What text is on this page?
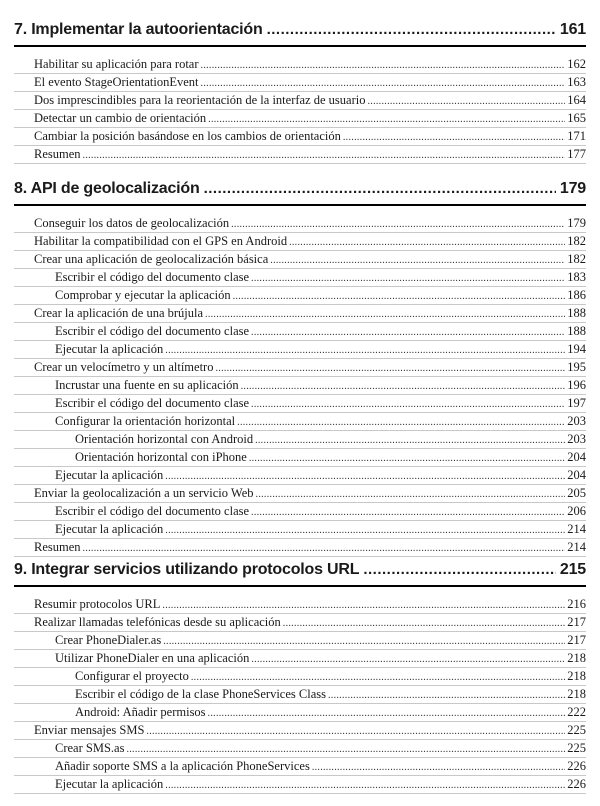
7. Implementar la autoorientación .....	161
Habilitar su aplicación para rotar .....	162
El evento StageOrientationEvent .....	163
Dos imprescindibles para la reorientación de la interfaz de usuario .....	164
Detectar un cambio de orientación .....	165
Cambiar la posición basándose en los cambios de orientación .....	171
Resumen .....	177
8. API de geolocalización .....	179
Conseguir los datos de geolocalización .....	179
Habilitar la compatibilidad con el GPS en Android .....	182
Crear una aplicación de geolocalización básica .....	182
Escribir el código del documento clase .....	183
Comprobar y ejecutar la aplicación .....	186
Crear la aplicación de una brújula .....	188
Escribir el código del documento clase .....	188
Ejecutar la aplicación .....	194
Crear un velocímetro y un altímetro .....	195
Incrustar una fuente en su aplicación .....	196
Escribir el código del documento clase .....	197
Configurar la orientación horizontal .....	203
Orientación horizontal con Android .....	203
Orientación horizontal con iPhone .....	204
Ejecutar la aplicación .....	204
Enviar la geolocalización a un servicio Web .....	205
Escribir el código del documento clase .....	206
Ejecutar la aplicación .....	214
Resumen .....	214
9. Integrar servicios utilizando protocolos URL .....	215
Resumir protocolos URL .....	216
Realizar llamadas telefónicas desde su aplicación .....	217
Crear PhoneDialer.as .....	217
Utilizar PhoneDialer en una aplicación .....	218
Configurar el proyecto .....	218
Escribir el código de la clase PhoneServices Class .....	218
Android: Añadir permisos .....	222
Enviar mensajes SMS .....	225
Crear SMS.as .....	225
Añadir soporte SMS a la aplicación PhoneServices .....	226
Ejecutar la aplicación .....	226
